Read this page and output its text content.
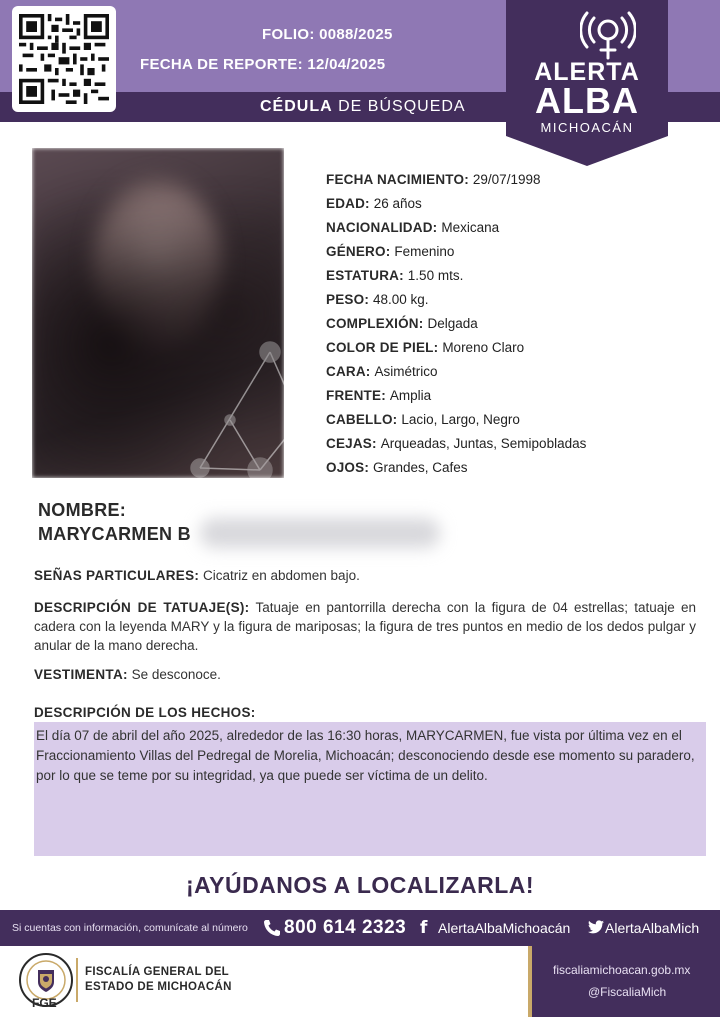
FOLIO: 0088/2025
FECHA DE REPORTE: 12/04/2025
CÉDULA DE BÚSQUEDA
ALERTA
ALBA
MICHOACÁN
FECHA NACIMIENTO: 29/07/1998
EDAD: 26 años
NACIONALIDAD: Mexicana
GÉNERO: Femenino
ESTATURA: 1.50 mts.
PESO: 48.00 kg.
COMPLEXIÓN: Delgada
COLOR DE PIEL: Moreno Claro
CARA: Asimétrico
FRENTE: Amplia
CABELLO: Lacio, Largo, Negro
CEJAS: Arqueadas, Juntas, Semipobladas
OJOS: Grandes, Cafes
NOMBRE:
MARYCARMEN B
SEÑAS PARTICULARES: Cicatriz en abdomen bajo.
DESCRIPCIÓN DE TATUAJE(S): Tatuaje en pantorrilla derecha con la figura de 04 estrellas; tatuaje en cadera con la leyenda MARY y la figura de mariposas; la figura de tres puntos en medio de los dedos pulgar y anular de la mano derecha.
VESTIMENTA: Se desconoce.
DESCRIPCIÓN DE LOS HECHOS:
El día 07 de abril del año 2025, alrededor de las 16:30 horas, MARYCARMEN, fue vista por última vez en el Fraccionamiento Villas del Pedregal de Morelia, Michoacán; desconociendo desde ese momento su paradero, por lo que se teme por su integridad, ya que puede ser víctima de un delito.
¡AYÚDANOS A LOCALIZARLA!
Si cuentas con información, comunícate al número 800 614 2323 f AlertaAlbaMichoacán AlertaAlbaMich
FGE
FISCALÍA GENERAL DEL
ESTADO DE MICHOACÁN
fiscaliamichoacan.gob.mx
@FiscaliaMich
